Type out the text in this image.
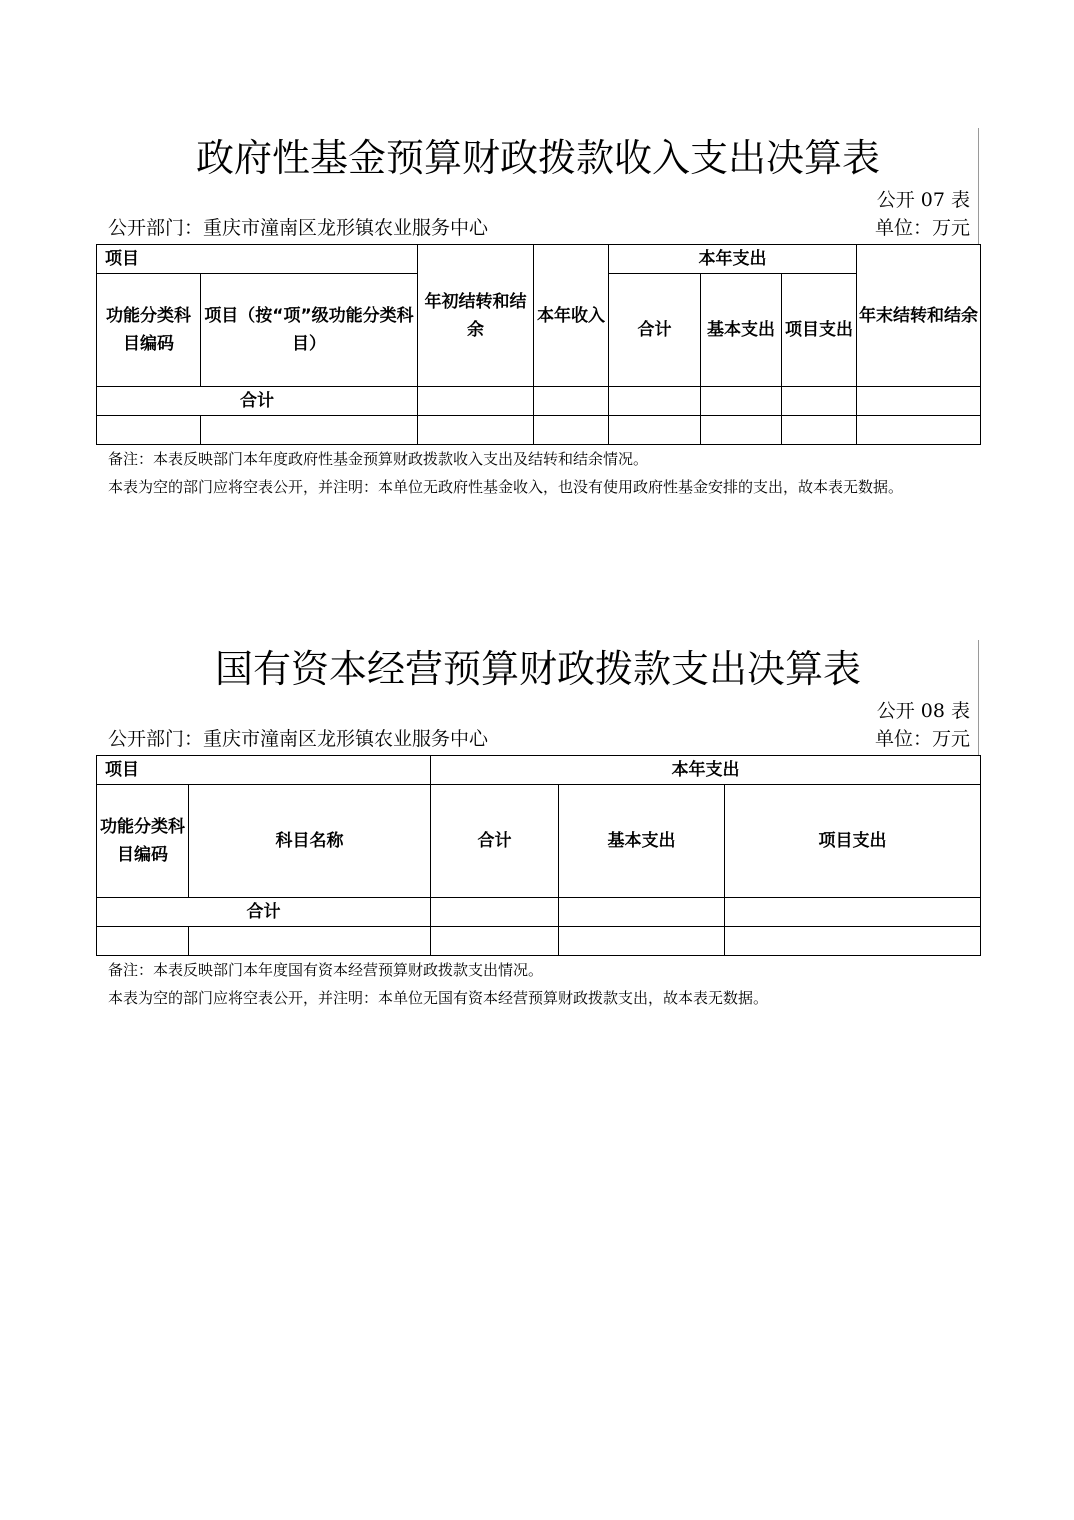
政府性基金预算财政拨款收入支出决算表
公开 07 表
公开部门：重庆市潼南区龙形镇农业服务中心	单位：万元
项目		年初结转和结余	本年收入	本年支出			年末结转和结余
功能分类科目编码	项目（按“项”级功能分类科目）			合计	基本支出	项目支出	
合计							

备注：本表反映部门本年度政府性基金预算财政拨款收入支出及结转和结余情况。
本表为空的部门应将空表公开，并注明：本单位无政府性基金收入，也没有使用政府性基金安排的支出，故本表无数据。
国有资本经营预算财政拨款支出决算表
公开 08 表
公开部门：重庆市潼南区龙形镇农业服务中心	单位：万元
项目		本年支出		
功能分类科目编码	科目名称	合计	基本支出	项目支出
合计				

备注：本表反映部门本年度国有资本经营预算财政拨款支出情况。
本表为空的部门应将空表公开，并注明：本单位无国有资本经营预算财政拨款支出，故本表无数据。
